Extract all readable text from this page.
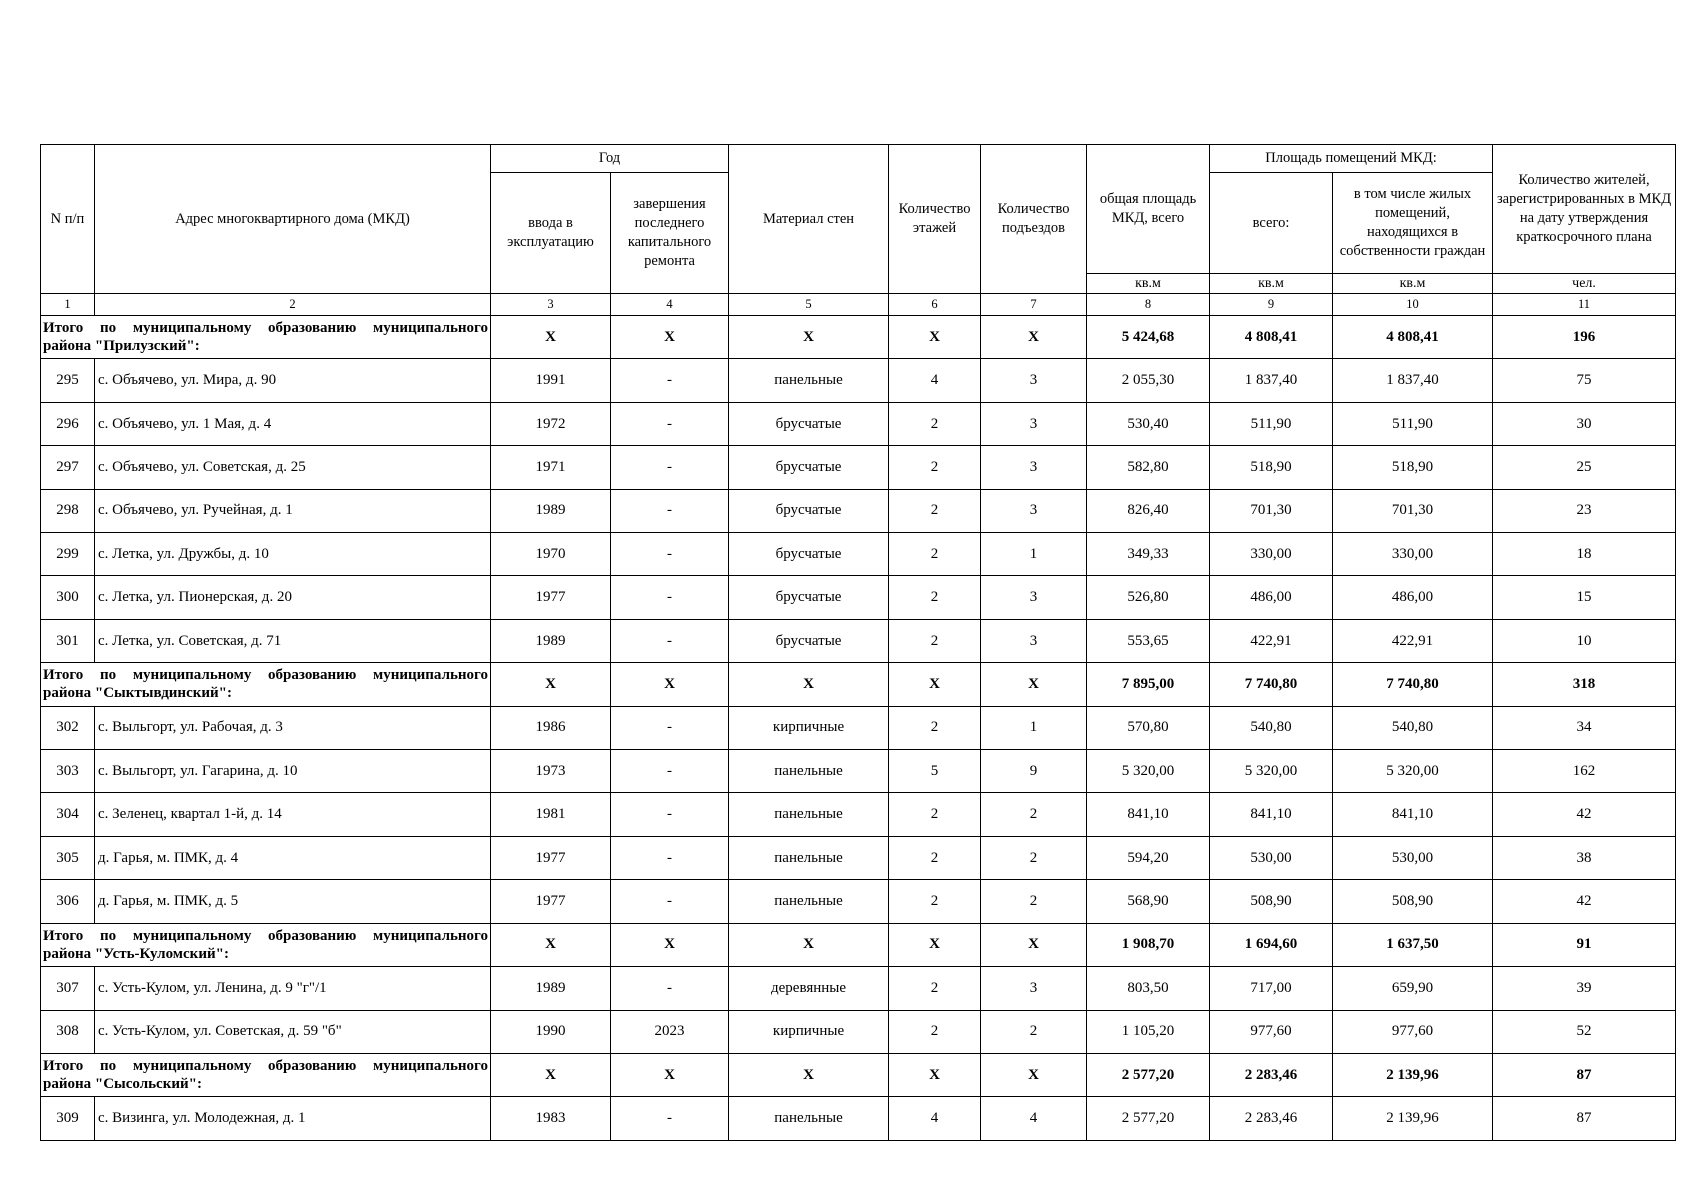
N п/п	Адрес многоквартирного дома (МКД)	Год		Материал стен	Количество этажей	Количество подъездов	общая площадь МКД, всего	Площадь помещений МКД:		Количество жителей, зарегистрированных в МКД на дату утверждения краткосрочного плана
		ввода в эксплуатацию	завершения последнего капитального ремонта					всего:	в том числе жилых помещений, находящихся в собственности граждан	
							кв.м	кв.м	кв.м	чел.
1	2	3	4	5	6	7	8	9	10	11
Итого по муниципальному образованию муниципального района "Прилузский":		X	X	X	X	X	5 424,68	4 808,41	4 808,41	196
295	с. Объячево, ул. Мира, д. 90	1991	-	панельные	4	3	2 055,30	1 837,40	1 837,40	75
296	с. Объячево, ул. 1 Мая, д. 4	1972	-	брусчатые	2	3	530,40	511,90	511,90	30
297	с. Объячево, ул. Советская, д. 25	1971	-	брусчатые	2	3	582,80	518,90	518,90	25
298	с. Объячево, ул. Ручейная, д. 1	1989	-	брусчатые	2	3	826,40	701,30	701,30	23
299	с. Летка, ул. Дружбы, д. 10	1970	-	брусчатые	2	1	349,33	330,00	330,00	18
300	с. Летка, ул. Пионерская, д. 20	1977	-	брусчатые	2	3	526,80	486,00	486,00	15
301	с. Летка, ул. Советская, д. 71	1989	-	брусчатые	2	3	553,65	422,91	422,91	10
Итого по муниципальному образованию муниципального района "Сыктывдинский":		X	X	X	X	X	7 895,00	7 740,80	7 740,80	318
302	с. Выльгорт, ул. Рабочая, д. 3	1986	-	кирпичные	2	1	570,80	540,80	540,80	34
303	с. Выльгорт, ул. Гагарина, д. 10	1973	-	панельные	5	9	5 320,00	5 320,00	5 320,00	162
304	с. Зеленец, квартал 1-й, д. 14	1981	-	панельные	2	2	841,10	841,10	841,10	42
305	д. Гарья, м. ПМК, д. 4	1977	-	панельные	2	2	594,20	530,00	530,00	38
306	д. Гарья, м. ПМК, д. 5	1977	-	панельные	2	2	568,90	508,90	508,90	42
Итого по муниципальному образованию муниципального района "Усть-Куломский":		X	X	X	X	X	1 908,70	1 694,60	1 637,50	91
307	с. Усть-Кулом, ул. Ленина, д. 9 "г"/1	1989	-	деревянные	2	3	803,50	717,00	659,90	39
308	с. Усть-Кулом, ул. Советская, д. 59 "б"	1990	2023	кирпичные	2	2	1 105,20	977,60	977,60	52
Итого по муниципальному образованию муниципального района "Сысольский":		X	X	X	X	X	2 577,20	2 283,46	2 139,96	87
309	с. Визинга, ул. Молодежная, д. 1	1983	-	панельные	4	4	2 577,20	2 283,46	2 139,96	87
